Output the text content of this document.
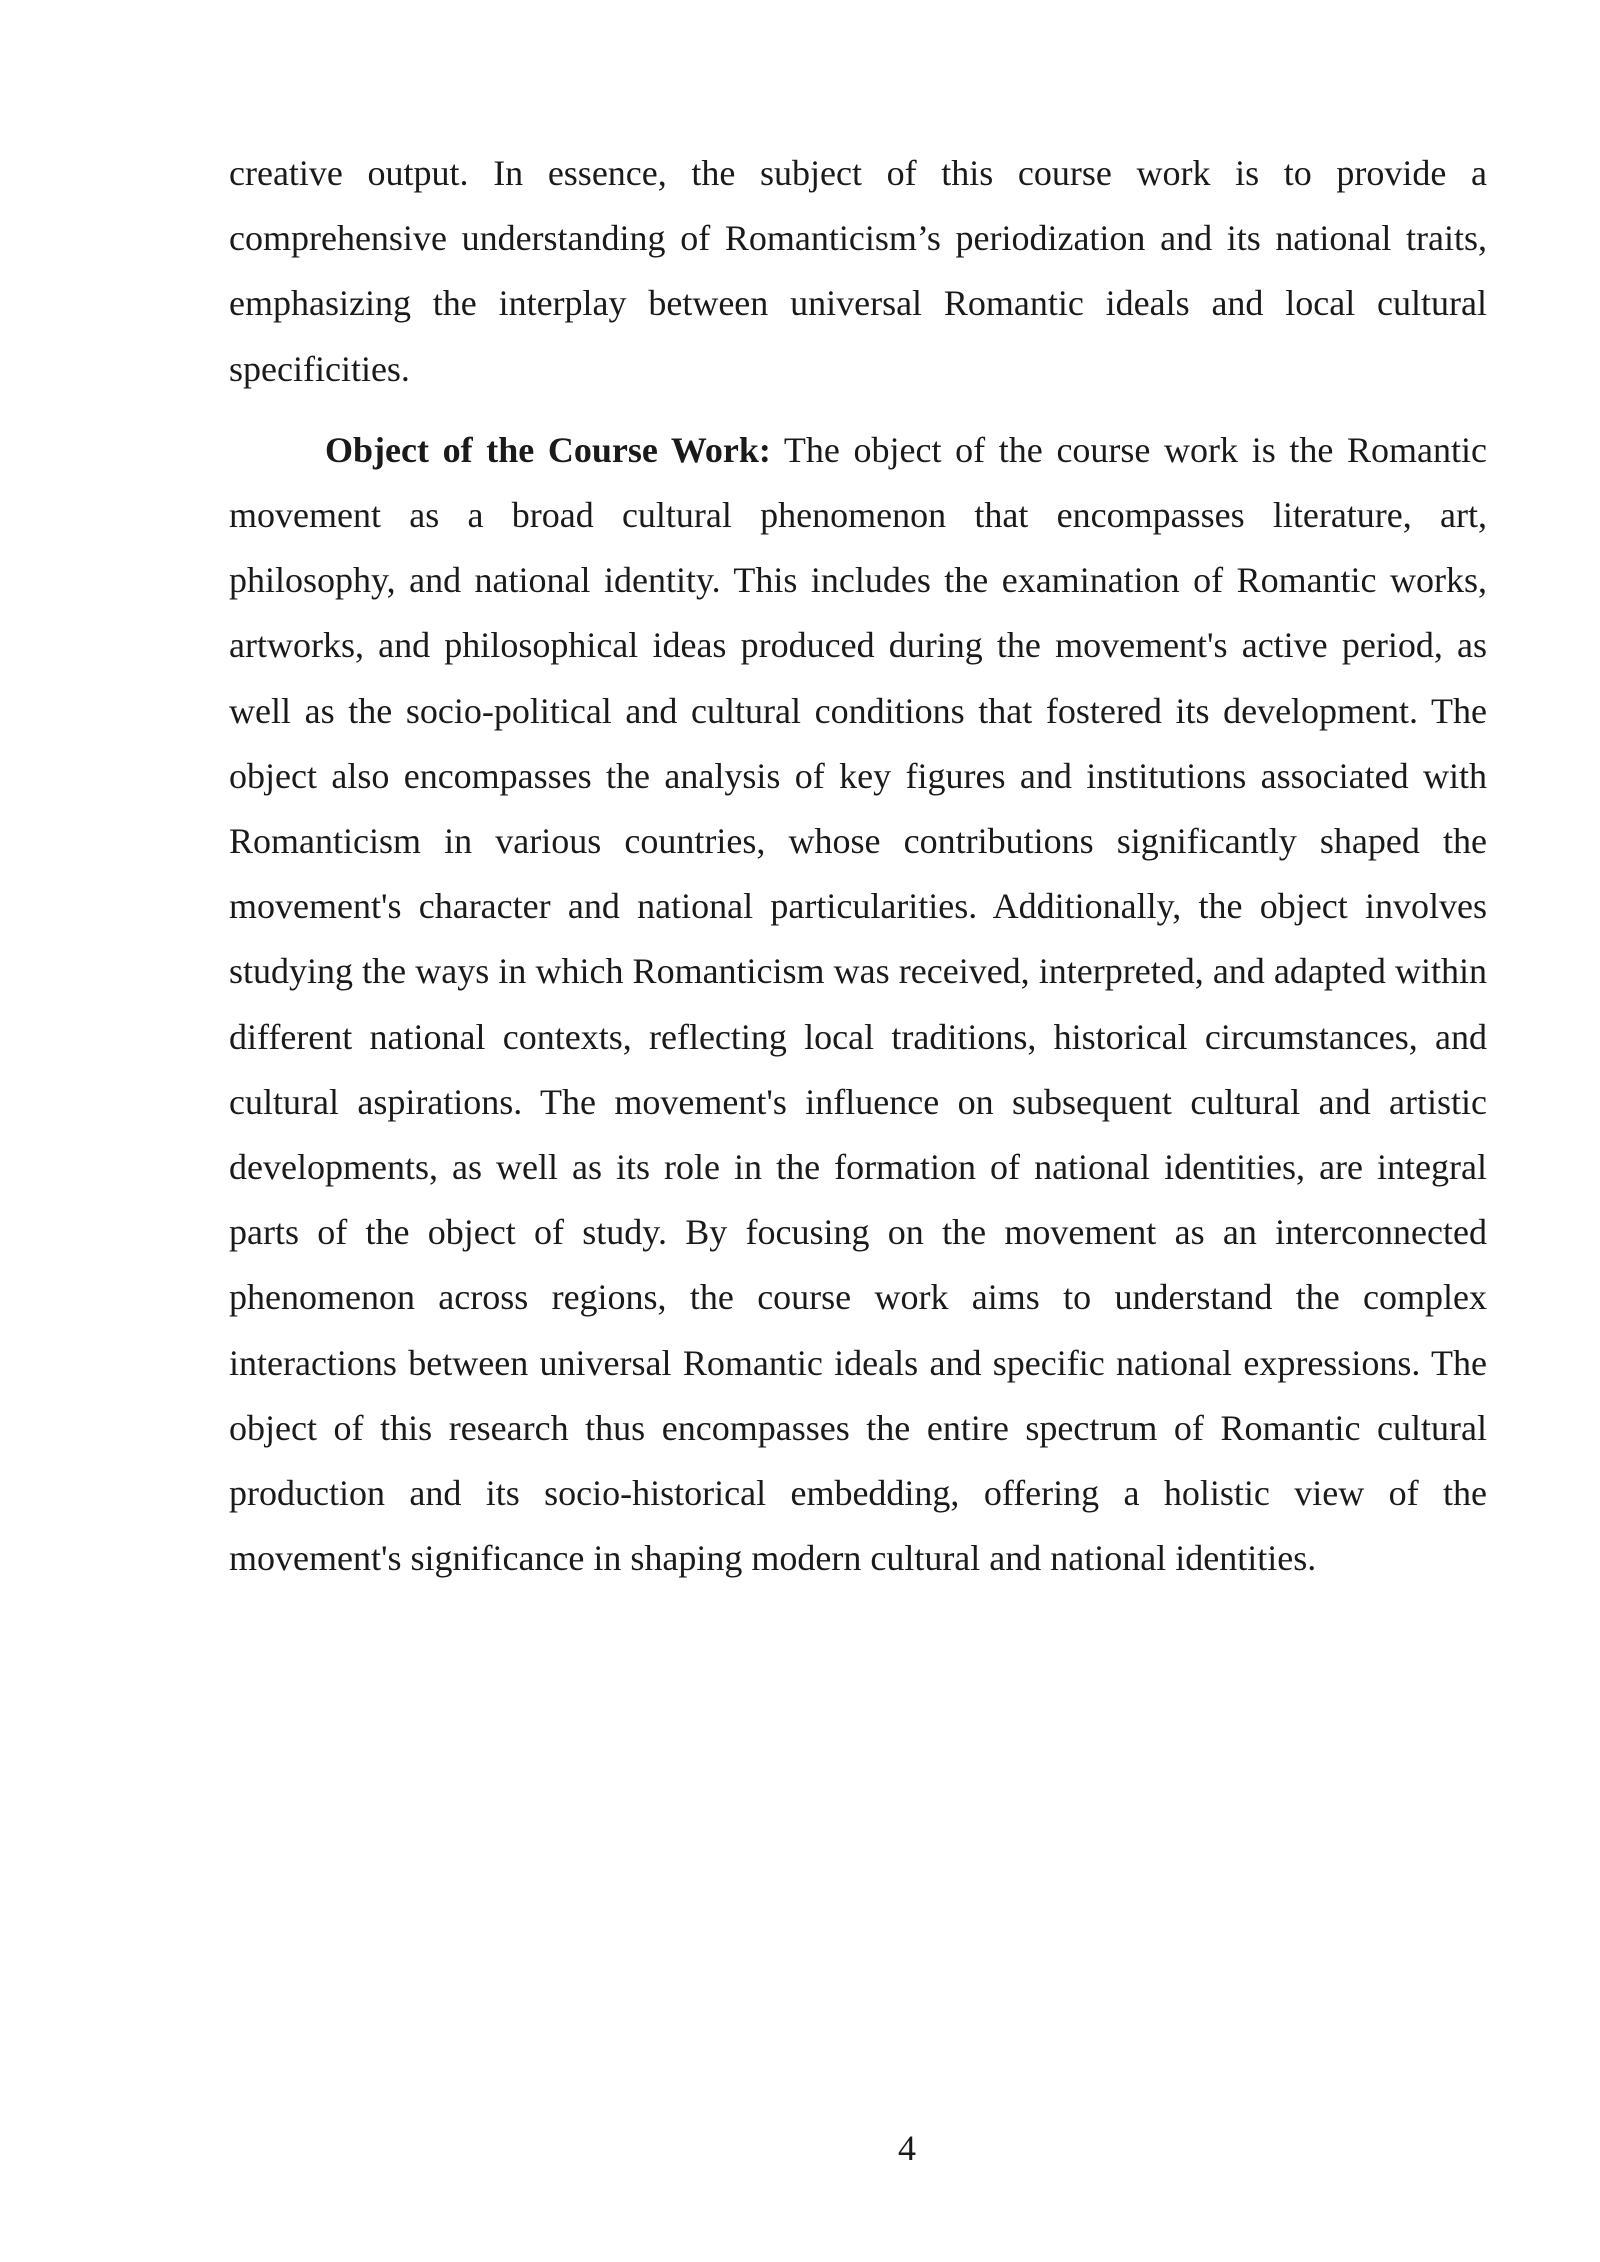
creative output. In essence, the subject of this course work is to provide a comprehensive understanding of Romanticism’s periodization and its national traits, emphasizing the interplay between universal Romantic ideals and local cultural specificities.

Object of the Course Work: The object of the course work is the Romantic movement as a broad cultural phenomenon that encompasses literature, art, philosophy, and national identity. This includes the examination of Romantic works, artworks, and philosophical ideas produced during the movement's active period, as well as the socio-political and cultural conditions that fostered its development. The object also encompasses the analysis of key figures and institutions associated with Romanticism in various countries, whose contributions significantly shaped the movement's character and national particularities. Additionally, the object involves studying the ways in which Romanticism was received, interpreted, and adapted within different national contexts, reflecting local traditions, historical circumstances, and cultural aspirations. The movement's influence on subsequent cultural and artistic developments, as well as its role in the formation of national identities, are integral parts of the object of study. By focusing on the movement as an interconnected phenomenon across regions, the course work aims to understand the complex interactions between universal Romantic ideals and specific national expressions. The object of this research thus encompasses the entire spectrum of Romantic cultural production and its socio-historical embedding, offering a holistic view of the movement's significance in shaping modern cultural and national identities.

4
